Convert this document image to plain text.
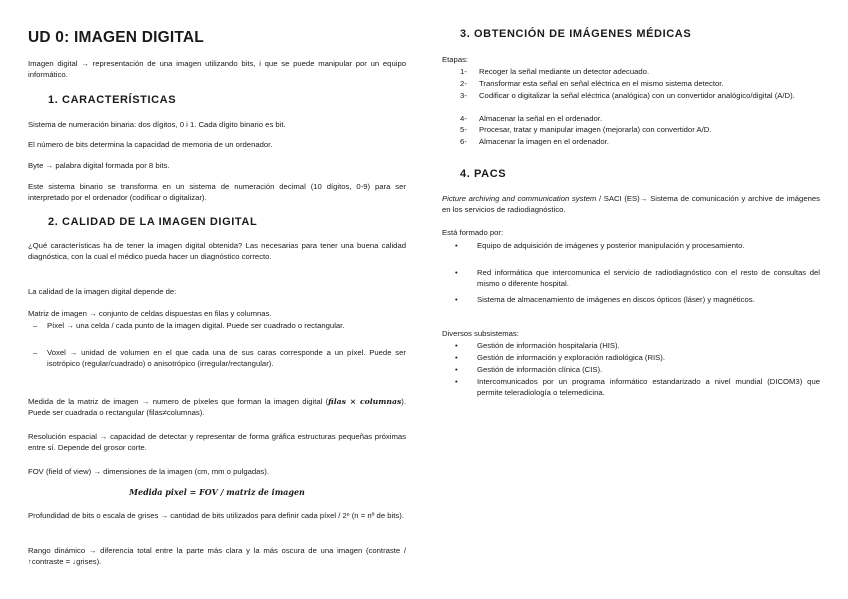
UD 0: IMAGEN DIGITAL

Imagen digital → representación de una imagen utilizando bits, i que se puede manipular por un equipo informático.

1. CARACTERÍSTICAS

Sistema de numeración binaria: dos dígitos, 0 i 1. Cada dígito binario es bit.

El número de bits determina la capacidad de memoria de un ordenador.

Byte → palabra digital formada por 8 bits.

Este sistema binario se transforma en un sistema de numeración decimal (10 dígitos, 0-9) para ser interpretado por el ordenador (codificar o digitalizar).

2. CALIDAD DE LA IMAGEN DIGITAL

¿Qué características ha de tener la imagen digital obtenida? Las necesarias para tener una buena calidad diagnóstica, con la cual el médico pueda hacer un diagnóstico correcto.

La calidad de la imagen digital depende de:

Matriz de imagen → conjunto de celdas dispuestas en filas y columnas.

– Píxel → una celda / cada punto de la imagen digital. Puede ser cuadrado o rectangular.
– Voxel → unidad de volumen en el que cada una de sus caras corresponde a un píxel. Puede ser isotrópico (regular/cuadrado) o anisotrópico (irregular/rectangular).

Medida de la matriz de imagen → numero de píxeles que forman la imagen digital (filas × columnas). Puede ser cuadrada o rectangular (filas≠columnas).

Resolución espacial → capacidad de detectar y representar de forma gráfica estructuras pequeñas próximas entre sí. Depende del grosor corte.

FOV (field of view) → dimensiones de la imagen (cm, mm o pulgadas).

Medida pixel = FOV / matriz de imagen

Profundidad de bits o escala de grises → cantidad de bits utilizados para definir cada píxel / 2ⁿ (n = nº de bits).

Rango dinámico → diferencia total entre la parte más clara y la más oscura de una imagen (contraste / ↑contraste = ↓grises).

3. OBTENCIÓN DE IMÁGENES MÉDICAS

Etapas:

1- Recoger la señal mediante un detector adecuado.
2- Transformar esta señal en señal eléctrica en el mismo sistema detector.
3- Codificar o digitalizar la señal eléctrica (analógica) con un convertidor analógico/digital (A/D).
4- Almacenar la señal en el ordenador.
5- Procesar, tratar y manipular imagen (mejorarla) con convertidor A/D.
6- Almacenar la imagen en el ordenador.
4. PACS

Picture archiving and communication system / SACI (ES)→ Sistema de comunicación y archive de imágenes en los servicios de radiodiagnóstico.

Está formado por:

•	Equipo de adquisición de imágenes y posterior manipulación y procesamiento.
•	Red informática que intercomunica el servicio de radiodiagnóstico con el resto de consultas del mismo o diferente hospital.
•	Sistema de almacenamiento de imágenes en discos ópticos (láser) y magnéticos.

Diversos subsistemas:

•	Gestión de información hospitalaria (HIS).
•	Gestión de información y exploración radiológica (RIS).
•	Gestión de información clínica (CIS).
•	Intercomunicados por un programa informático estandarizado a nivel mundial (DICOM3) que permite teleradiología o telemedicina.
